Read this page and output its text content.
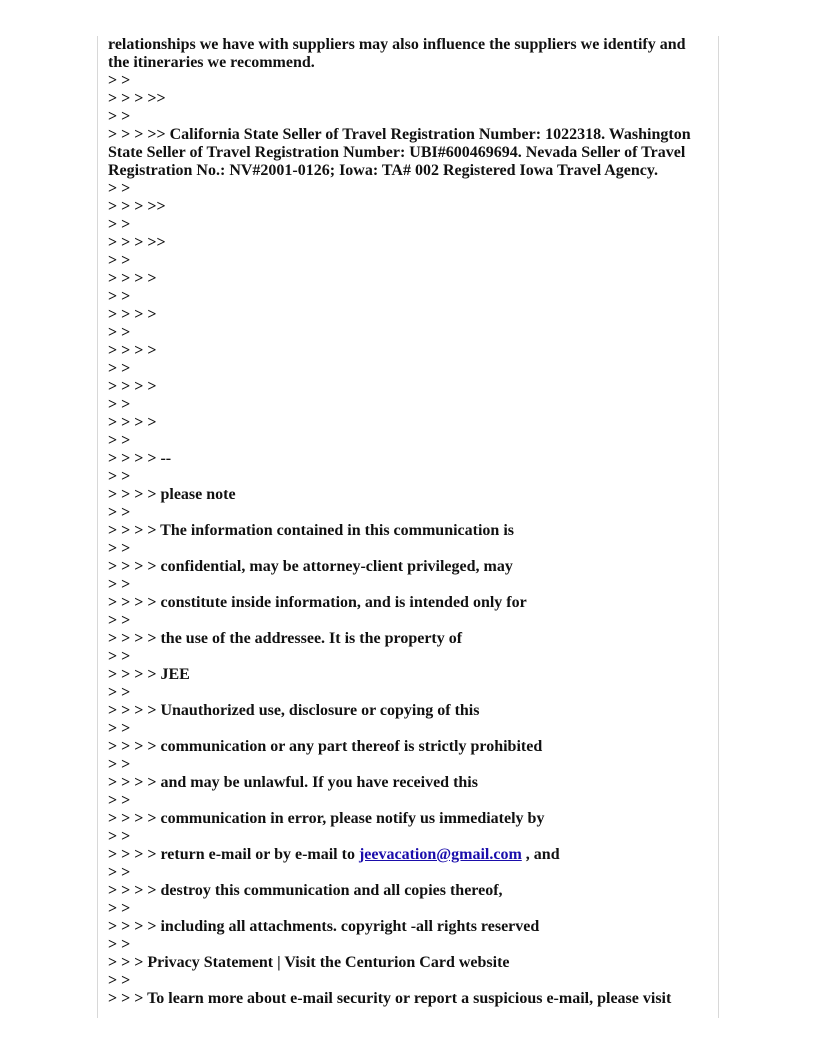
relationships we have with suppliers may also influence the suppliers we identify and the itineraries we recommend.
> >
> > > >>
> >
> > > >> California State Seller of Travel Registration Number: 1022318. Washington State Seller of Travel Registration Number: UBI#600469694. Nevada Seller of Travel Registration No.: NV#2001-0126; Iowa: TA# 002 Registered Iowa Travel Agency.
> >
> > > >>
> >
> > > >>
> >
> > > >
> >
> > > >
> >
> > > >
> >
> > > >
> >
> > > >
> >
> > > > --
> >
> > > > please note
> >
> > > > The information contained in this communication is
> >
> > > > confidential, may be attorney-client privileged, may
> >
> > > > constitute inside information, and is intended only for
> >
> > > > the use of the addressee. It is the property of
> >
> > > > JEE
> >
> > > > Unauthorized use, disclosure or copying of this
> >
> > > > communication or any part thereof is strictly prohibited
> >
> > > > and may be unlawful. If you have received this
> >
> > > > communication in error, please notify us immediately by
> >
> > > > return e-mail or by e-mail to jeevacation@gmail.com , and
> >
> > > > destroy this communication and all copies thereof,
> >
> > > > including all attachments. copyright -all rights reserved
> >
> > > Privacy Statement | Visit the Centurion Card website
> >
> > > To learn more about e-mail security or report a suspicious e-mail, please visit
